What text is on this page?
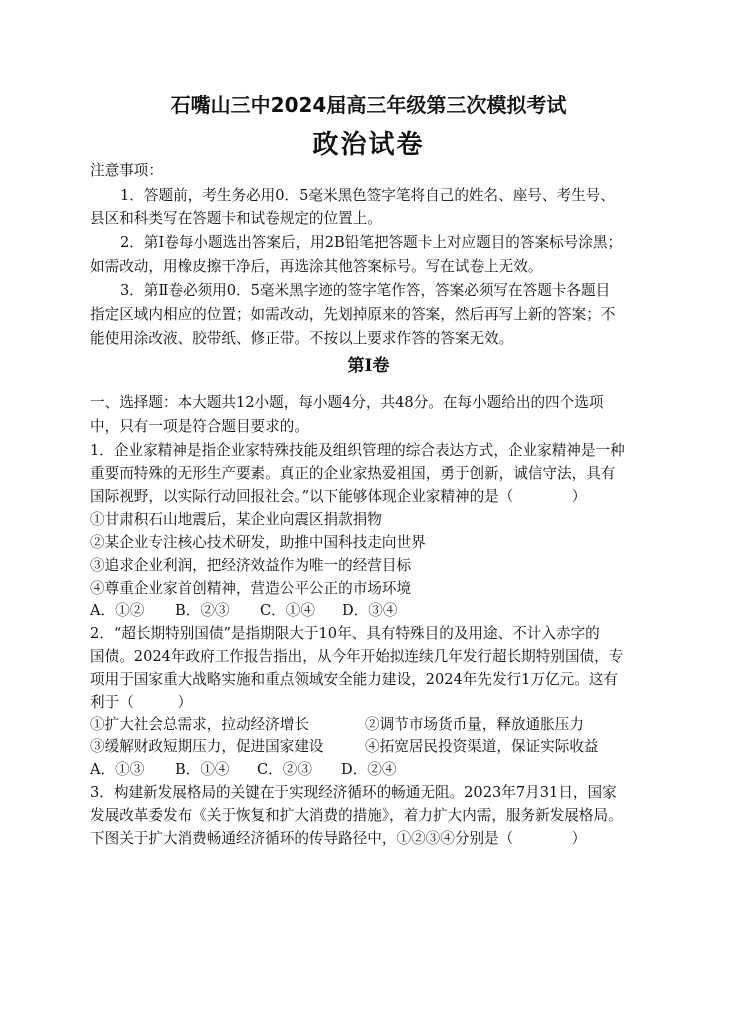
石嘴山三中2024届高三年级第三次模拟考试
政治试卷
注意事项：
1．答题前，考生务必用0．5毫米黑色签字笔将自己的姓名、座号、考生号、
县区和科类写在答题卡和试卷规定的位置上。
2．第Ⅰ卷每小题选出答案后，用2B铅笔把答题卡上对应题目的答案标号涂黑；
如需改动，用橡皮擦干净后，再选涂其他答案标号。写在试卷上无效。
3．第Ⅱ卷必须用0．5毫米黑字迹的签字笔作答，答案必须写在答题卡各题目
指定区域内相应的位置；如需改动，先划掉原来的答案，然后再写上新的答案；不
能使用涂改液、胶带纸、修正带。不按以上要求作答的答案无效。
第Ⅰ卷
一、选择题：本大题共12小题，每小题4分，共48分。在每小题给出的四个选项
中，只有一项是符合题目要求的。
1．企业家精神是指企业家特殊技能及组织管理的综合表达方式，企业家精神是一种
重要而特殊的无形生产要素。真正的企业家热爱祖国，勇于创新，诚信守法，具有
国际视野，以实际行动回报社会。”以下能够体现企业家精神的是（　　　　）
①甘肃积石山地震后，某企业向震区捐款捐物
②某企业专注核心技术研发，助推中国科技走向世界
③追求企业利润，把经济效益作为唯一的经营目标
④尊重企业家首创精神，营造公平公正的市场环境
A．①② B．②③ C．①④ D．③④
2．“超长期特别国债”是指期限大于10年、具有特殊目的及用途、不计入赤字的
国债。2024年政府工作报告指出，从今年开始拟连续几年发行超长期特别国债，专
项用于国家重大战略实施和重点领域安全能力建设，2024年先发行1万亿元。这有
利于（　　　）
①扩大社会总需求，拉动经济增长	②调节市场货币量，释放通胀压力
③缓解财政短期压力，促进国家建设	④拓宽居民投资渠道，保证实际收益
A．①③ B．①④ C．②③ D．②④
3．构建新发展格局的关键在于实现经济循环的畅通无阻。2023年7月31日，国家
发展改革委发布《关于恢复和扩大消费的措施》，着力扩大内需，服务新发展格局。
下图关于扩大消费畅通经济循环的传导路径中，①②③④分别是（　　　　）
